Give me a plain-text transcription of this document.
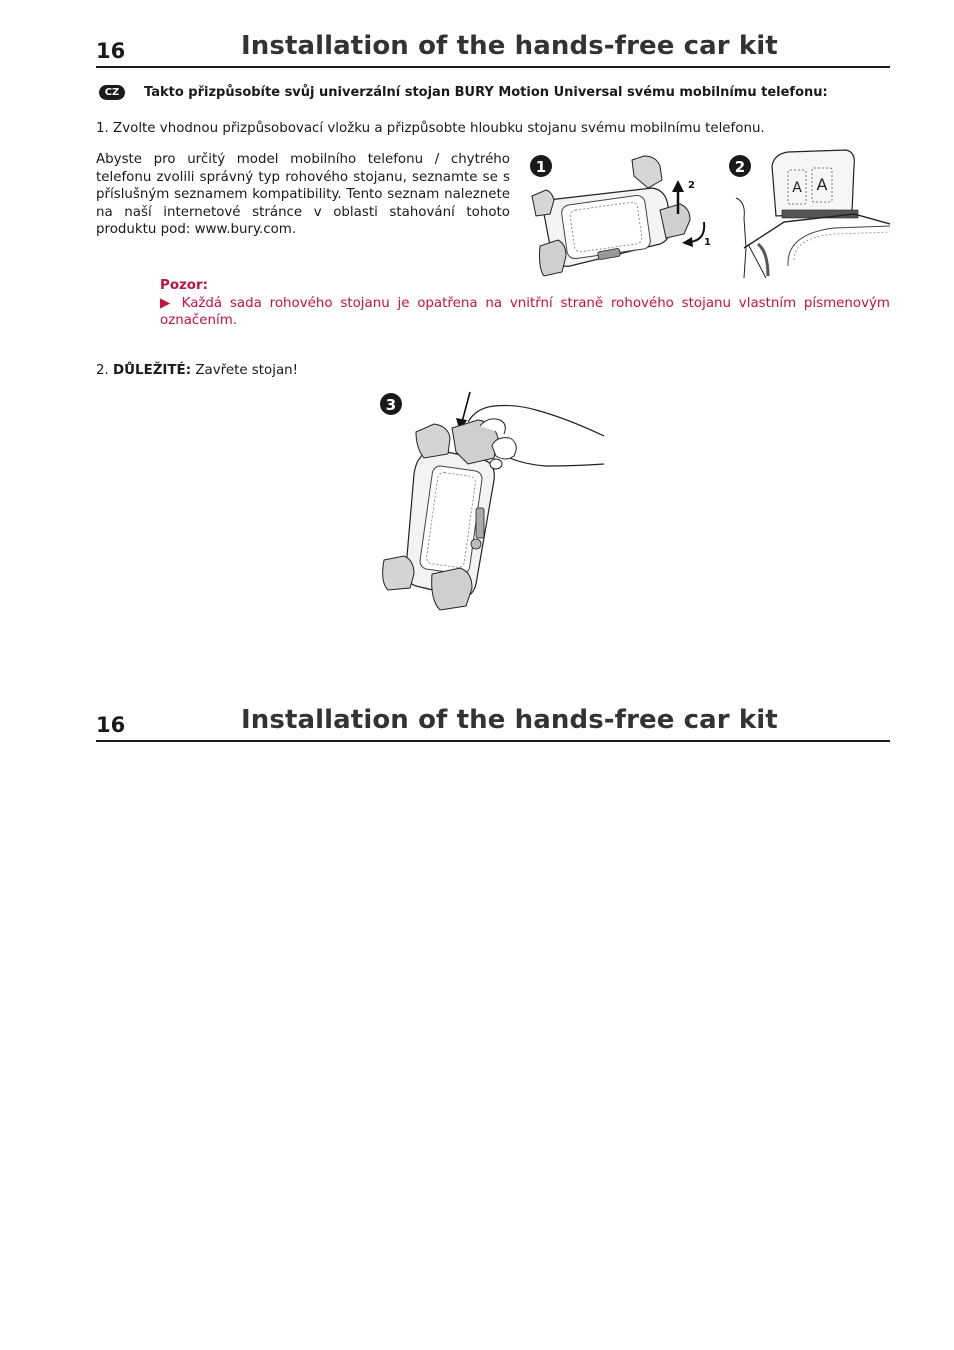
16	Installation of the hands-free car kit
CZ	Takto přizpůsobíte svůj univerzální stojan BURY Motion Universal svému mobilnímu telefonu:
1. Zvolte vhodnou přizpůsobovací vložku a přizpůsobte hloubku stojanu svému mobilnímu telefonu.
Abyste pro určitý model mobilního telefonu / chytrého telefonu zvolili správný typ rohového stojanu, seznamte se s příslušným seznamem kompatibility. Tento seznam naleznete na naší internetové stránce v oblasti stahování tohoto produktu pod: www.bury.com.
1
2
1
2
A A
Pozor:
▶ Každá sada rohového stojanu je opatřena na vnitřní straně rohového stojanu vlastním písmenovým označením.
2. DŮLEŽITÉ: Zavřete stojan!
3
16	Installation of the hands-free car kit
